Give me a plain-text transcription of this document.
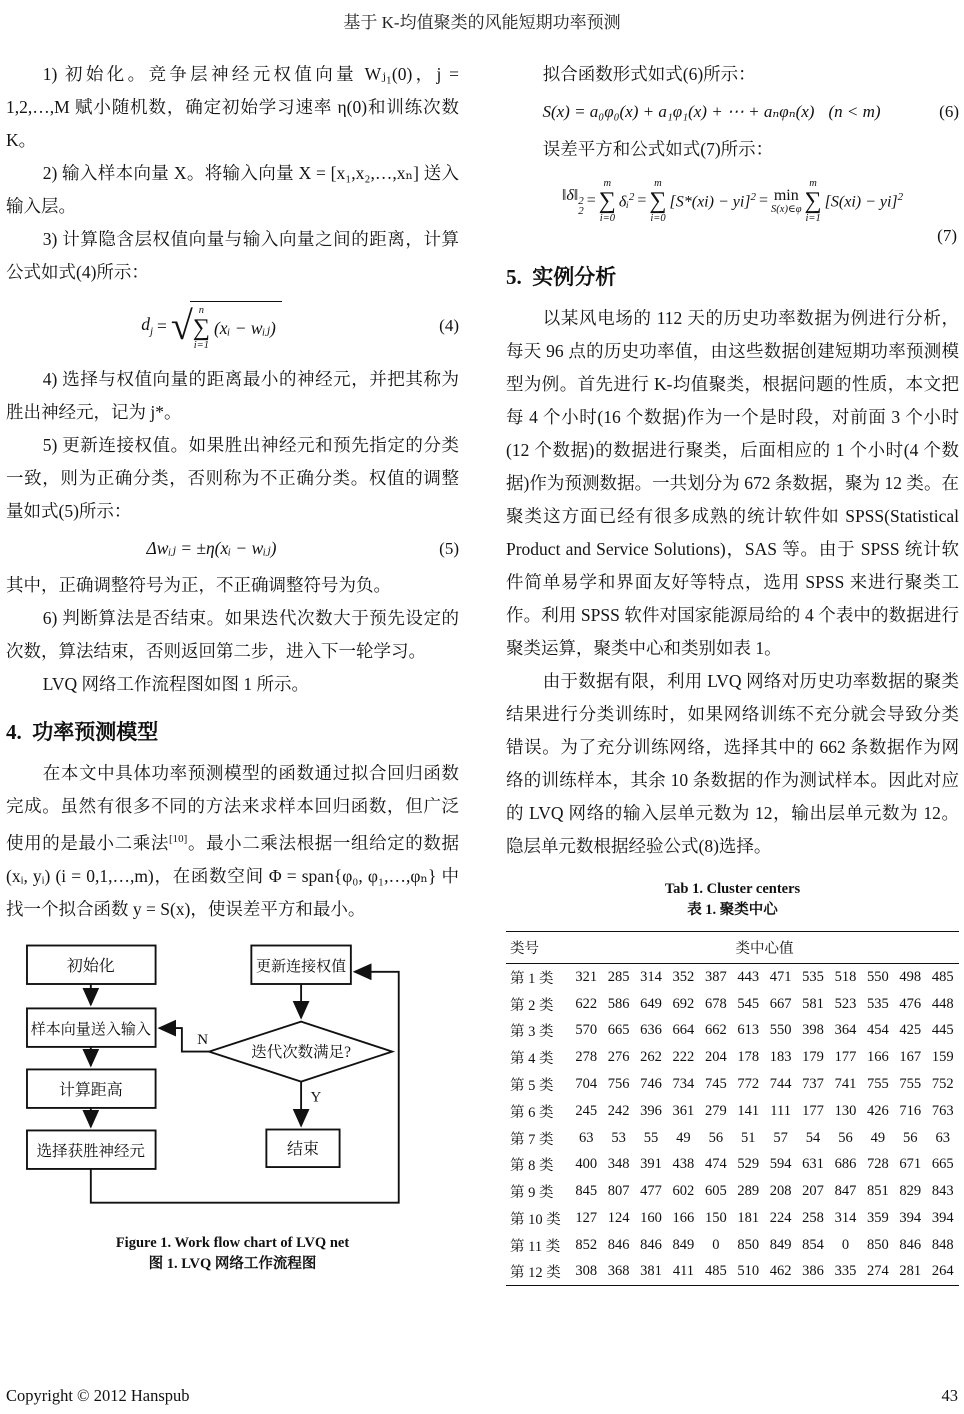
基于 K-均值聚类的风能短期功率预测

1) 初始化。竞争层神经元权值向量 Wⱼ₁(0)，j = 1,2,…,M 赋小随机数，确定初始学习速率 η(0)和训练次数 K。

2) 输入样本向量 X。将输入向量 X = [x₁,x₂,…,xₙ] 送入输入层。

3) 计算隐含层权值向量与输入向量之间的距离，计算公式如式(4)所示：

$d_j$ = √ n
∑
i=1
(xᵢ − wᵢⱼ)	(4)

4) 选择与权值向量的距离最小的神经元，并把其称为胜出神经元，记为 j*。

5) 更新连接权值。如果胜出神经元和预先指定的分类一致，则为正确分类，否则称为不正确分类。权值的调整量如式(5)所示：

Δwᵢⱼ = ±η(xᵢ − wᵢⱼ)	(5)

其中，正确调整符号为正，不正确调整符号为负。

6) 判断算法是否结束。如果迭代次数大于预先设定的次数，算法结束，否则返回第二步，进入下一轮学习。

LVQ 网络工作流程图如图 1 所示。

4.  功率预测模型

在本文中具体功率预测模型的函数通过拟合回归函数完成。虽然有很多不同的方法来求样本回归函数，但广泛使用的是最小二乘法[10]。最小二乘法根据一组给定的数据 (xᵢ, yᵢ) (i = 0,1,…,m)，在函数空间 Φ = span{φ₀, φ₁,…,φₙ} 中找一个拟合函数 y = S(x)，使误差平方和最小。

初始化
样本向量送入输入
计算距高
选择获胜神经元
更新连接权值
迭代次数满足?
结束
N
Y
Figure 1. Work flow chart of LVQ net
图 1. LVQ 网络工作流程图

拟合函数形式如式(6)所示：

S(x) = a₀φ₀(x) + a₁φ₁(x) + ⋯ + aₙφₙ(x) (n < m)	(6)

误差平方和公式如式(7)所示：

‖δ‖ 2
2
=
m
∑
i=0
δᵢ$^2$ =
m
∑
i=0
[S*(xi) − yi]$^2$ = min
S(x)∈φ
m
∑
i=1
[S(xi) − yi]$^2$
(7)
5.  实例分析

以某风电场的 112 天的历史功率数据为例进行分析，每天 96 点的历史功率值，由这些数据创建短期功率预测模型为例。首先进行 K-均值聚类，根据问题的性质，本文把每 4 个小时(16 个数据)作为一个是时段，对前面 3 个小时(12 个数据)的数据进行聚类，后面相应的 1 个小时(4 个数据)作为预测数据。一共划分为 672 条数据，聚为 12 类。在聚类这方面已经有很多成熟的统计软件如 SPSS(Statistical Product and Service Solutions)，SAS 等。由于 SPSS 统计软件简单易学和界面友好等特点，选用 SPSS 来进行聚类工作。利用 SPSS 软件对国家能源局给的 4 个表中的数据进行聚类运算，聚类中心和类别如表 1。

由于数据有限，利用 LVQ 网络对历史功率数据的聚类结果进行分类训练时，如果网络训练不充分就会导致分类错误。为了充分训练网络，选择其中的 662 条数据作为网络的训练样本，其余 10 条数据的作为测试样本。因此对应的 LVQ 网络的输入层单元数为 12，输出层单元数为 12。隐层单元数根据经验公式(8)选择。

Tab 1. Cluster centers
表 1. 聚类中心
类号	类中心值											
第 1 类	321	285	314	352	387	443	471	535	518	550	498	485
第 2 类	622	586	649	692	678	545	667	581	523	535	476	448
第 3 类	570	665	636	664	662	613	550	398	364	454	425	445
第 4 类	278	276	262	222	204	178	183	179	177	166	167	159
第 5 类	704	756	746	734	745	772	744	737	741	755	755	752
第 6 类	245	242	396	361	279	141	111	177	130	426	716	763
第 7 类	63	53	55	49	56	51	57	54	56	49	56	63
第 8 类	400	348	391	438	474	529	594	631	686	728	671	665
第 9 类	845	807	477	602	605	289	208	207	847	851	829	843
第 10 类	127	124	160	166	150	181	224	258	314	359	394	394
第 11 类	852	846	846	849	0	850	849	854	0	850	846	848
第 12 类	308	368	381	411	485	510	462	386	335	274	281	264
Copyright © 2012 Hanspub	43
